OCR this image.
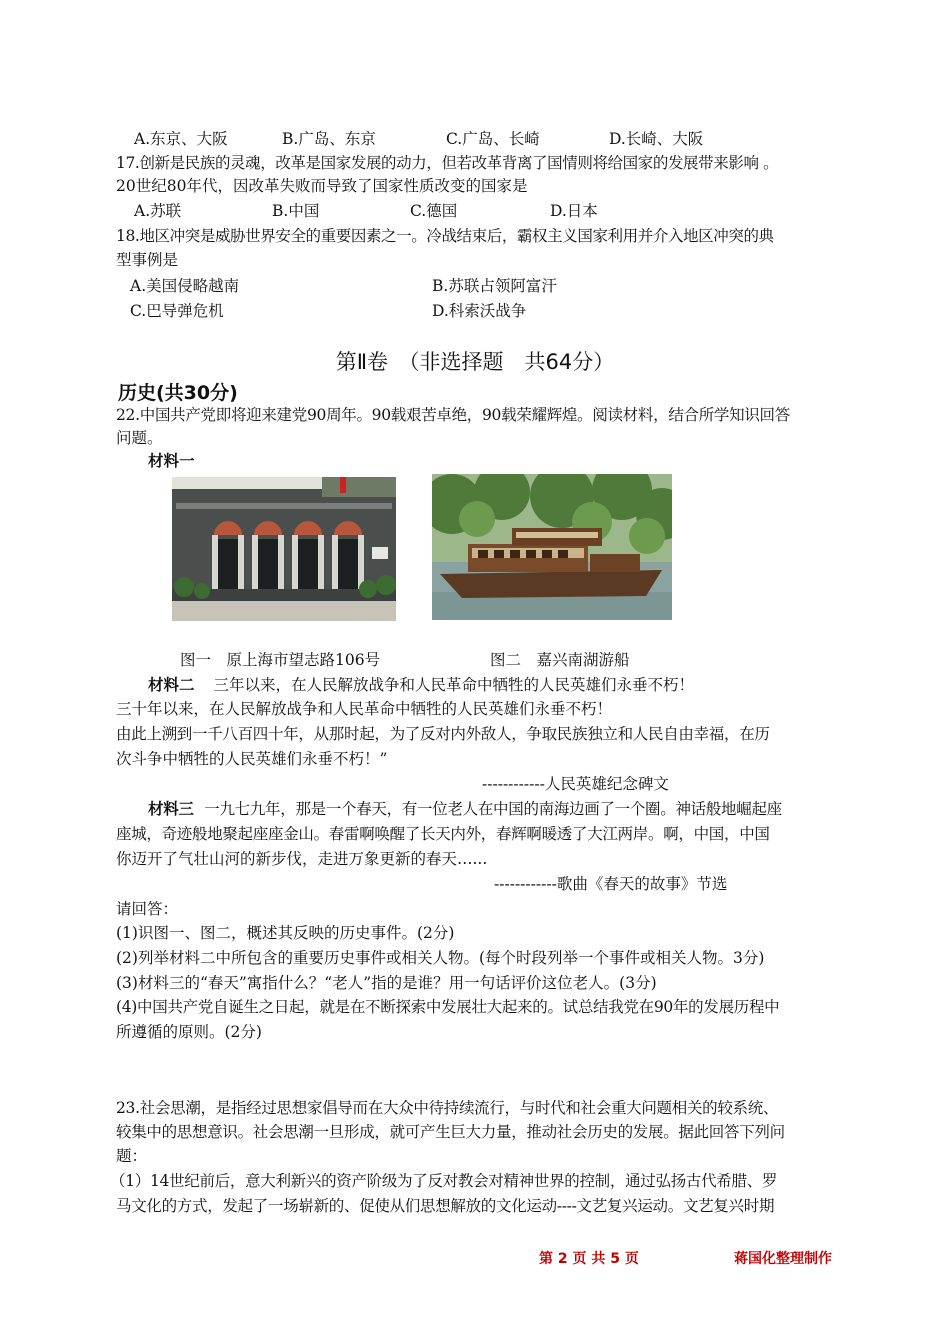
A.东京、大阪	B.广岛、东京	C.广岛、长崎	D.长崎、大阪
17.创新是民族的灵魂，改革是国家发展的动力，但若改革背离了国情则将给国家的发展带来影响 。
20世纪80年代，因改革失败而导致了国家性质改变的国家是
A.苏联	B.中国	C.德国	D.日本
18.地区冲突是威胁世界安全的重要因素之一。冷战结束后，霸权主义国家利用并介入地区冲突的典
型事例是
A.美国侵略越南	B.苏联占领阿富汗
C.巴导弹危机	D.科索沃战争
第Ⅱ卷　（非选择题　共64分）
历史(共30分)
22.中国共产党即将迎来建党90周年。90载艰苦卓绝，90载荣耀辉煌。阅读材料，结合所学知识回答
问题。
材料一
图一　原上海市望志路106号	图二　嘉兴南湖游船
材料二 三年以来，在人民解放战争和人民革命中牺牲的人民英雄们永垂不朽！
三十年以来，在人民解放战争和人民革命中牺牲的人民英雄们永垂不朽！
由此上溯到一千八百四十年，从那时起，为了反对内外敌人，争取民族独立和人民自由幸福，在历
次斗争中牺牲的人民英雄们永垂不朽！”
------------人民英雄纪念碑文
材料三 一九七九年，那是一个春天，有一位老人在中国的南海边画了一个圈。神话般地崛起座
座城，奇迹般地聚起座座金山。春雷啊唤醒了长天内外，春辉啊暖透了大江两岸。啊，中国，中国
你迈开了气壮山河的新步伐，走进万象更新的春天…...
------------歌曲《春天的故事》节选
请回答：
(1)识图一、图二，概述其反映的历史事件。(2分)
(2)列举材料二中所包含的重要历史事件或相关人物。(每个时段列举一个事件或相关人物。3分)
(3)材料三的“春天”寓指什么？“老人”指的是谁？用一句话评价这位老人。(3分)
(4)中国共产党自诞生之日起，就是在不断探索中发展壮大起来的。试总结我党在90年的发展历程中
所遵循的原则。(2分)
23.社会思潮，是指经过思想家倡导而在大众中待持续流行，与时代和社会重大问题相关的较系统、
较集中的思想意识。社会思潮一旦形成，就可产生巨大力量，推动社会历史的发展。据此回答下列问
题：
（1）14世纪前后，意大利新兴的资产阶级为了反对教会对精神世界的控制，通过弘扬古代希腊、罗
马文化的方式，发起了一场崭新的、促使从们思想解放的文化运动----文艺复兴运动。文艺复兴时期
第 2 页 共 5 页	蒋国化整理制作
